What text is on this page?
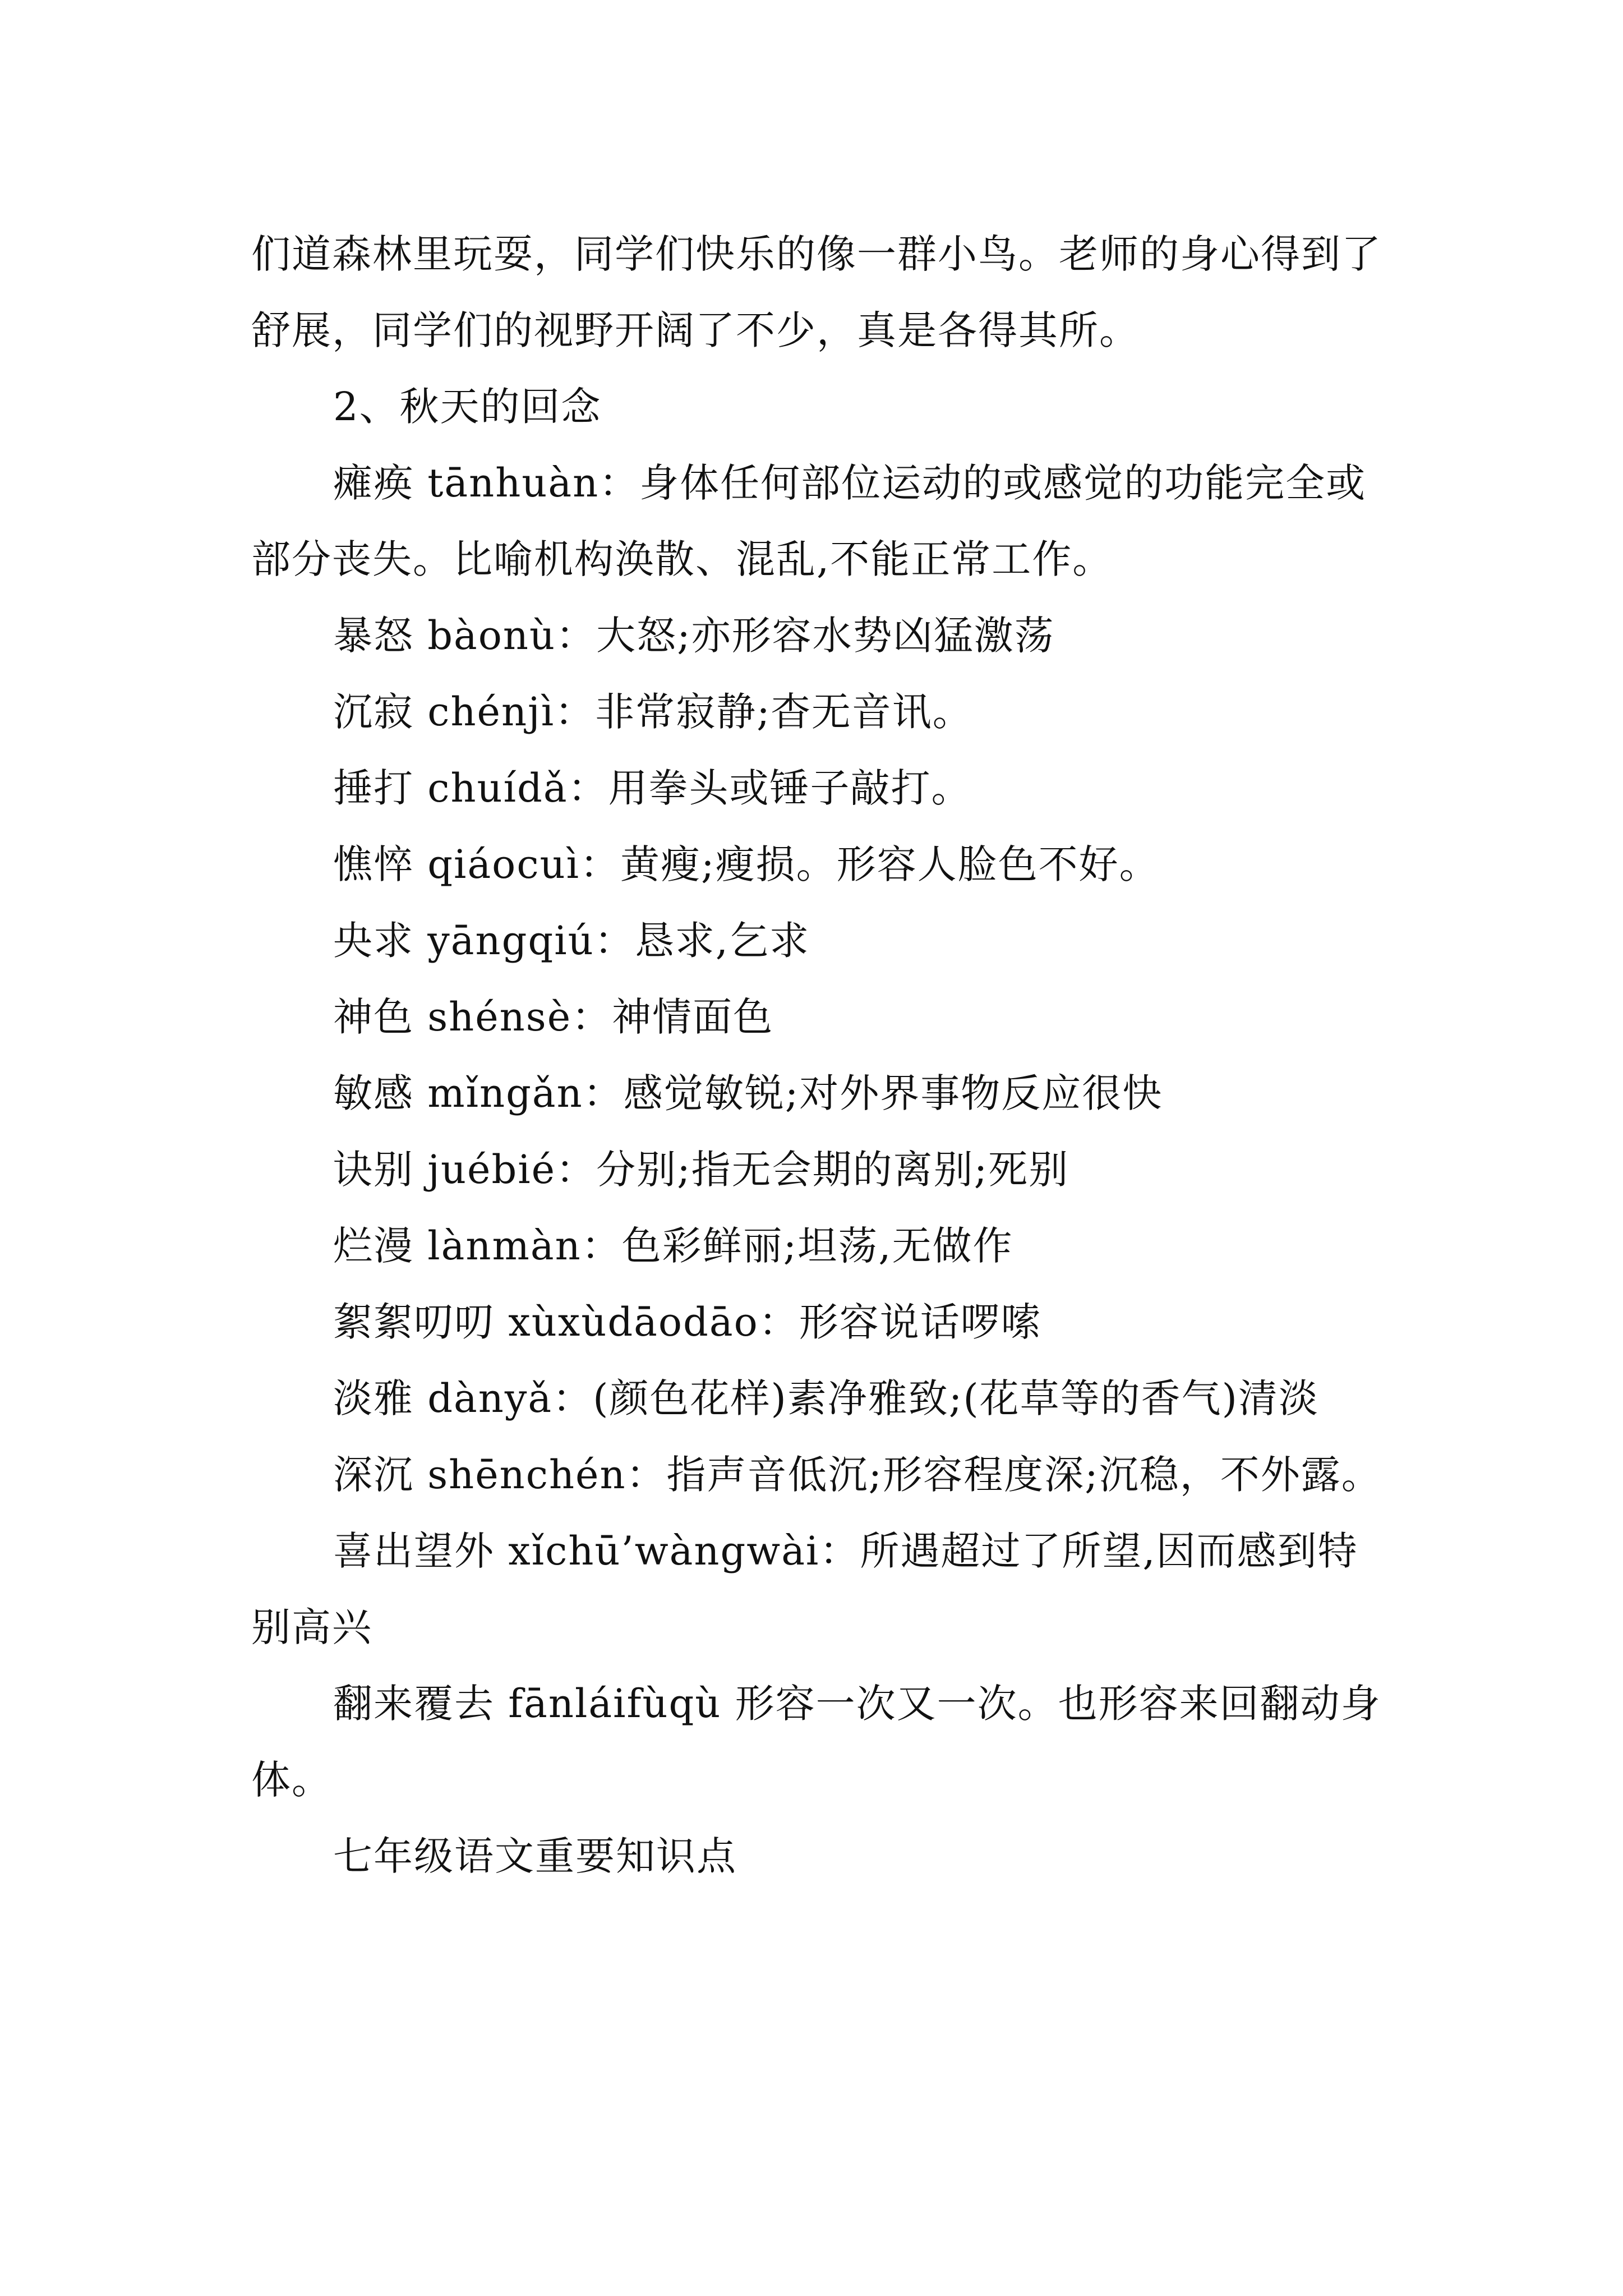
们道森林里玩耍，同学们快乐的像一群小鸟。老师的身心得到了舒展，同学们的视野开阔了不少，真是各得其所。

2、秋天的回念

瘫痪 tānhuàn：身体任何部位运动的或感觉的功能完全或部分丧失。比喻机构涣散、混乱,不能正常工作。

暴怒 bàonù：大怒;亦形容水势凶猛激荡

沉寂 chénjì：非常寂静;杳无音讯。

捶打 chuídǎ：用拳头或锤子敲打。

憔悴 qiáocuì：黄瘦;瘦损。形容人脸色不好。

央求 yāngqiú：恳求,乞求

神色 shénsè：神情面色

敏感 mǐngǎn：感觉敏锐;对外界事物反应很快

诀别 juébié：分别;指无会期的离别;死别

烂漫 lànmàn：色彩鲜丽;坦荡,无做作

絮絮叨叨 xùxùdāodāo：形容说话啰嗦

淡雅 dànyǎ：(颜色花样)素净雅致;(花草等的香气)清淡

深沉 shēnchén：指声音低沉;形容程度深;沉稳，不外露。

喜出望外 xǐchū’wàngwài：所遇超过了所望,因而感到特别高兴

翻来覆去 fānláifùqù 形容一次又一次。也形容来回翻动身体。

七年级语文重要知识点
